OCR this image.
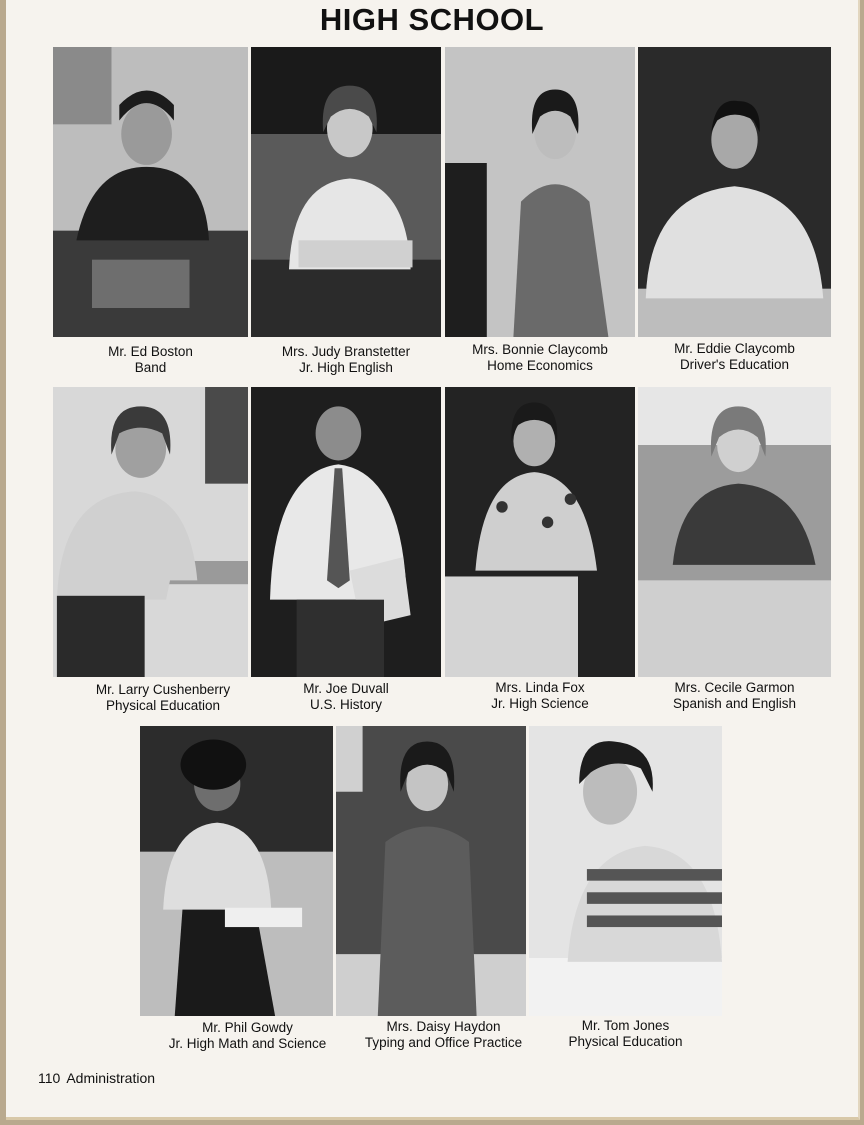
HIGH SCHOOL
Mr. Ed Boston
Band
Mrs. Judy Branstetter
Jr. High English
Mrs. Bonnie Claycomb
Home Economics
Mr. Eddie Claycomb
Driver's Education
Mr. Larry Cushenberry
Physical Education
Mr. Joe Duvall
U.S. History
Mrs. Linda Fox
Jr. High Science
Mrs. Cecile Garmon
Spanish and English
Mr. Phil Gowdy
Jr. High Math and Science
Mrs. Daisy Haydon
Typing and Office Practice
Mr. Tom Jones
Physical Education
110 Administration
